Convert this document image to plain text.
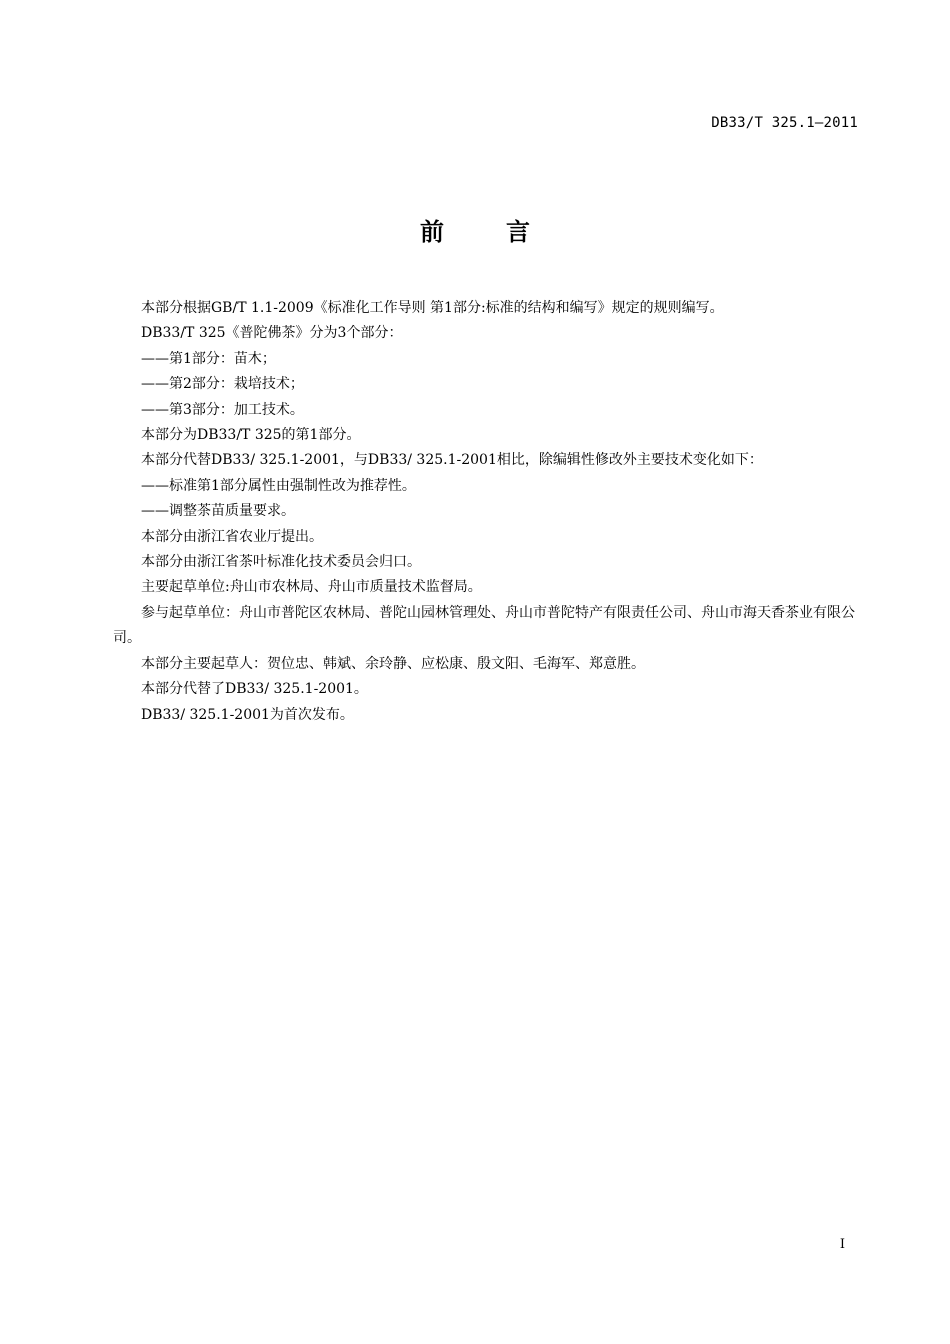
DB33/T 325.1—2011
前	言

本部分根据GB/T 1.1-2009《标准化工作导则 第1部分:标准的结构和编写》规定的规则编写。

DB33/T 325《普陀佛茶》分为3个部分：

——第1部分：苗木；

——第2部分：栽培技术；

——第3部分：加工技术。

本部分为DB33/T 325的第1部分。

本部分代替DB33/ 325.1-2001，与DB33/ 325.1-2001相比，除编辑性修改外主要技术变化如下：

——标准第1部分属性由强制性改为推荐性。

——调整茶苗质量要求。

本部分由浙江省农业厅提出。

本部分由浙江省茶叶标准化技术委员会归口。

主要起草单位:舟山市农林局、舟山市质量技术监督局。

参与起草单位：舟山市普陀区农林局、普陀山园林管理处、舟山市普陀特产有限责任公司、舟山市海天香茶业有限公司。

本部分主要起草人：贺位忠、韩斌、余玲静、应松康、殷文阳、毛海军、郑意胜。

本部分代替了DB33/ 325.1-2001。

DB33/ 325.1-2001为首次发布。

I
